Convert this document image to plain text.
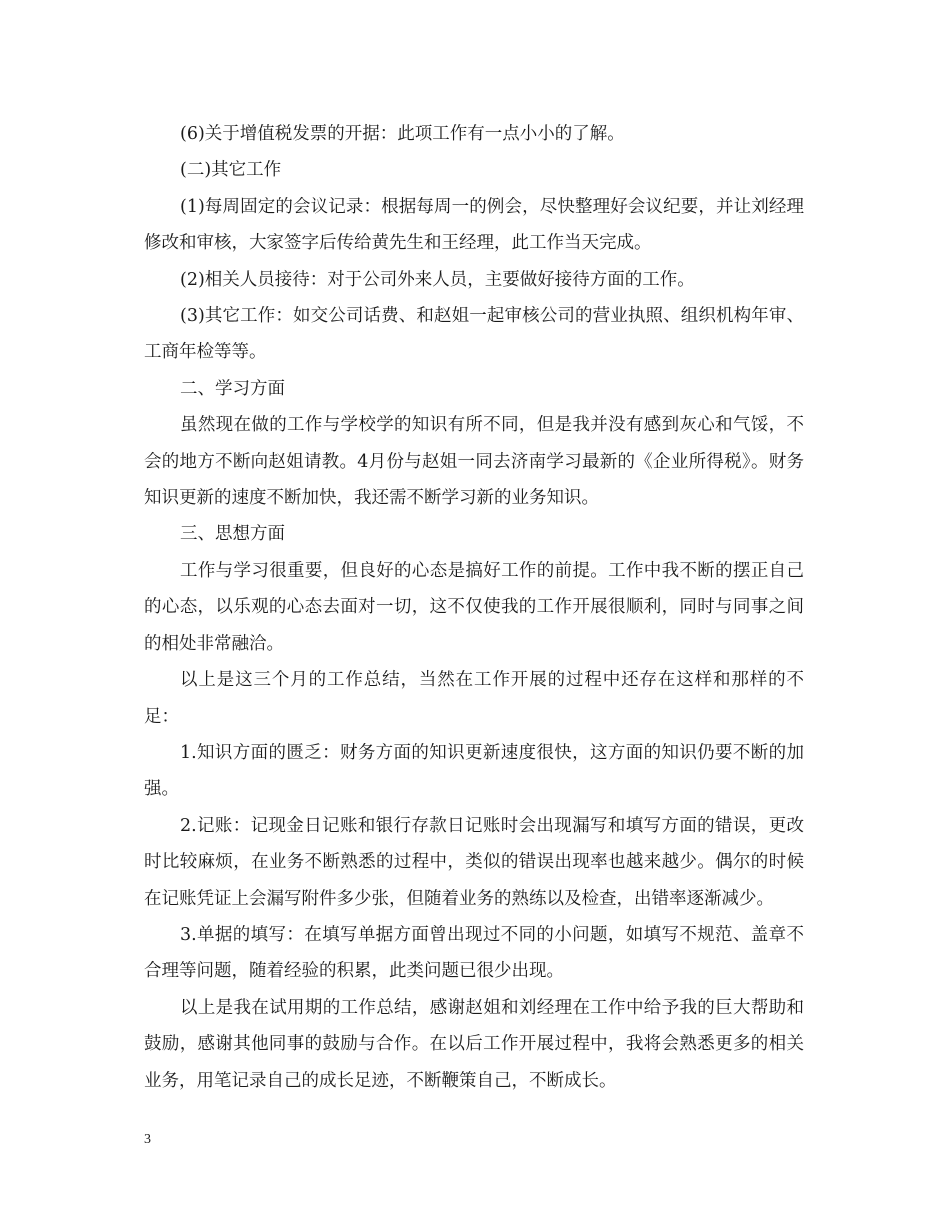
(6)关于增值税发票的开据：此项工作有一点小小的了解。

(二)其它工作

(1)每周固定的会议记录：根据每周一的例会，尽快整理好会议纪要，并让刘经理修改和审核，大家签字后传给黄先生和王经理，此工作当天完成。

(2)相关人员接待：对于公司外来人员，主要做好接待方面的工作。

(3)其它工作：如交公司话费、和赵姐一起审核公司的营业执照、组织机构年审、工商年检等等。

二、学习方面

虽然现在做的工作与学校学的知识有所不同，但是我并没有感到灰心和气馁，不会的地方不断向赵姐请教。4月份与赵姐一同去济南学习最新的《企业所得税》。财务知识更新的速度不断加快，我还需不断学习新的业务知识。

三、思想方面

工作与学习很重要，但良好的心态是搞好工作的前提。工作中我不断的摆正自己的心态，以乐观的心态去面对一切，这不仅使我的工作开展很顺利，同时与同事之间的相处非常融洽。

以上是这三个月的工作总结，当然在工作开展的过程中还存在这样和那样的不足：

1.知识方面的匮乏：财务方面的知识更新速度很快，这方面的知识仍要不断的加强。

2.记账：记现金日记账和银行存款日记账时会出现漏写和填写方面的错误，更改时比较麻烦，在业务不断熟悉的过程中，类似的错误出现率也越来越少。偶尔的时候在记账凭证上会漏写附件多少张，但随着业务的熟练以及检查，出错率逐渐减少。

3.单据的填写：在填写单据方面曾出现过不同的小问题，如填写不规范、盖章不合理等问题，随着经验的积累，此类问题已很少出现。

以上是我在试用期的工作总结，感谢赵姐和刘经理在工作中给予我的巨大帮助和鼓励，感谢其他同事的鼓励与合作。在以后工作开展过程中，我将会熟悉更多的相关业务，用笔记录自己的成长足迹，不断鞭策自己，不断成长。

3
